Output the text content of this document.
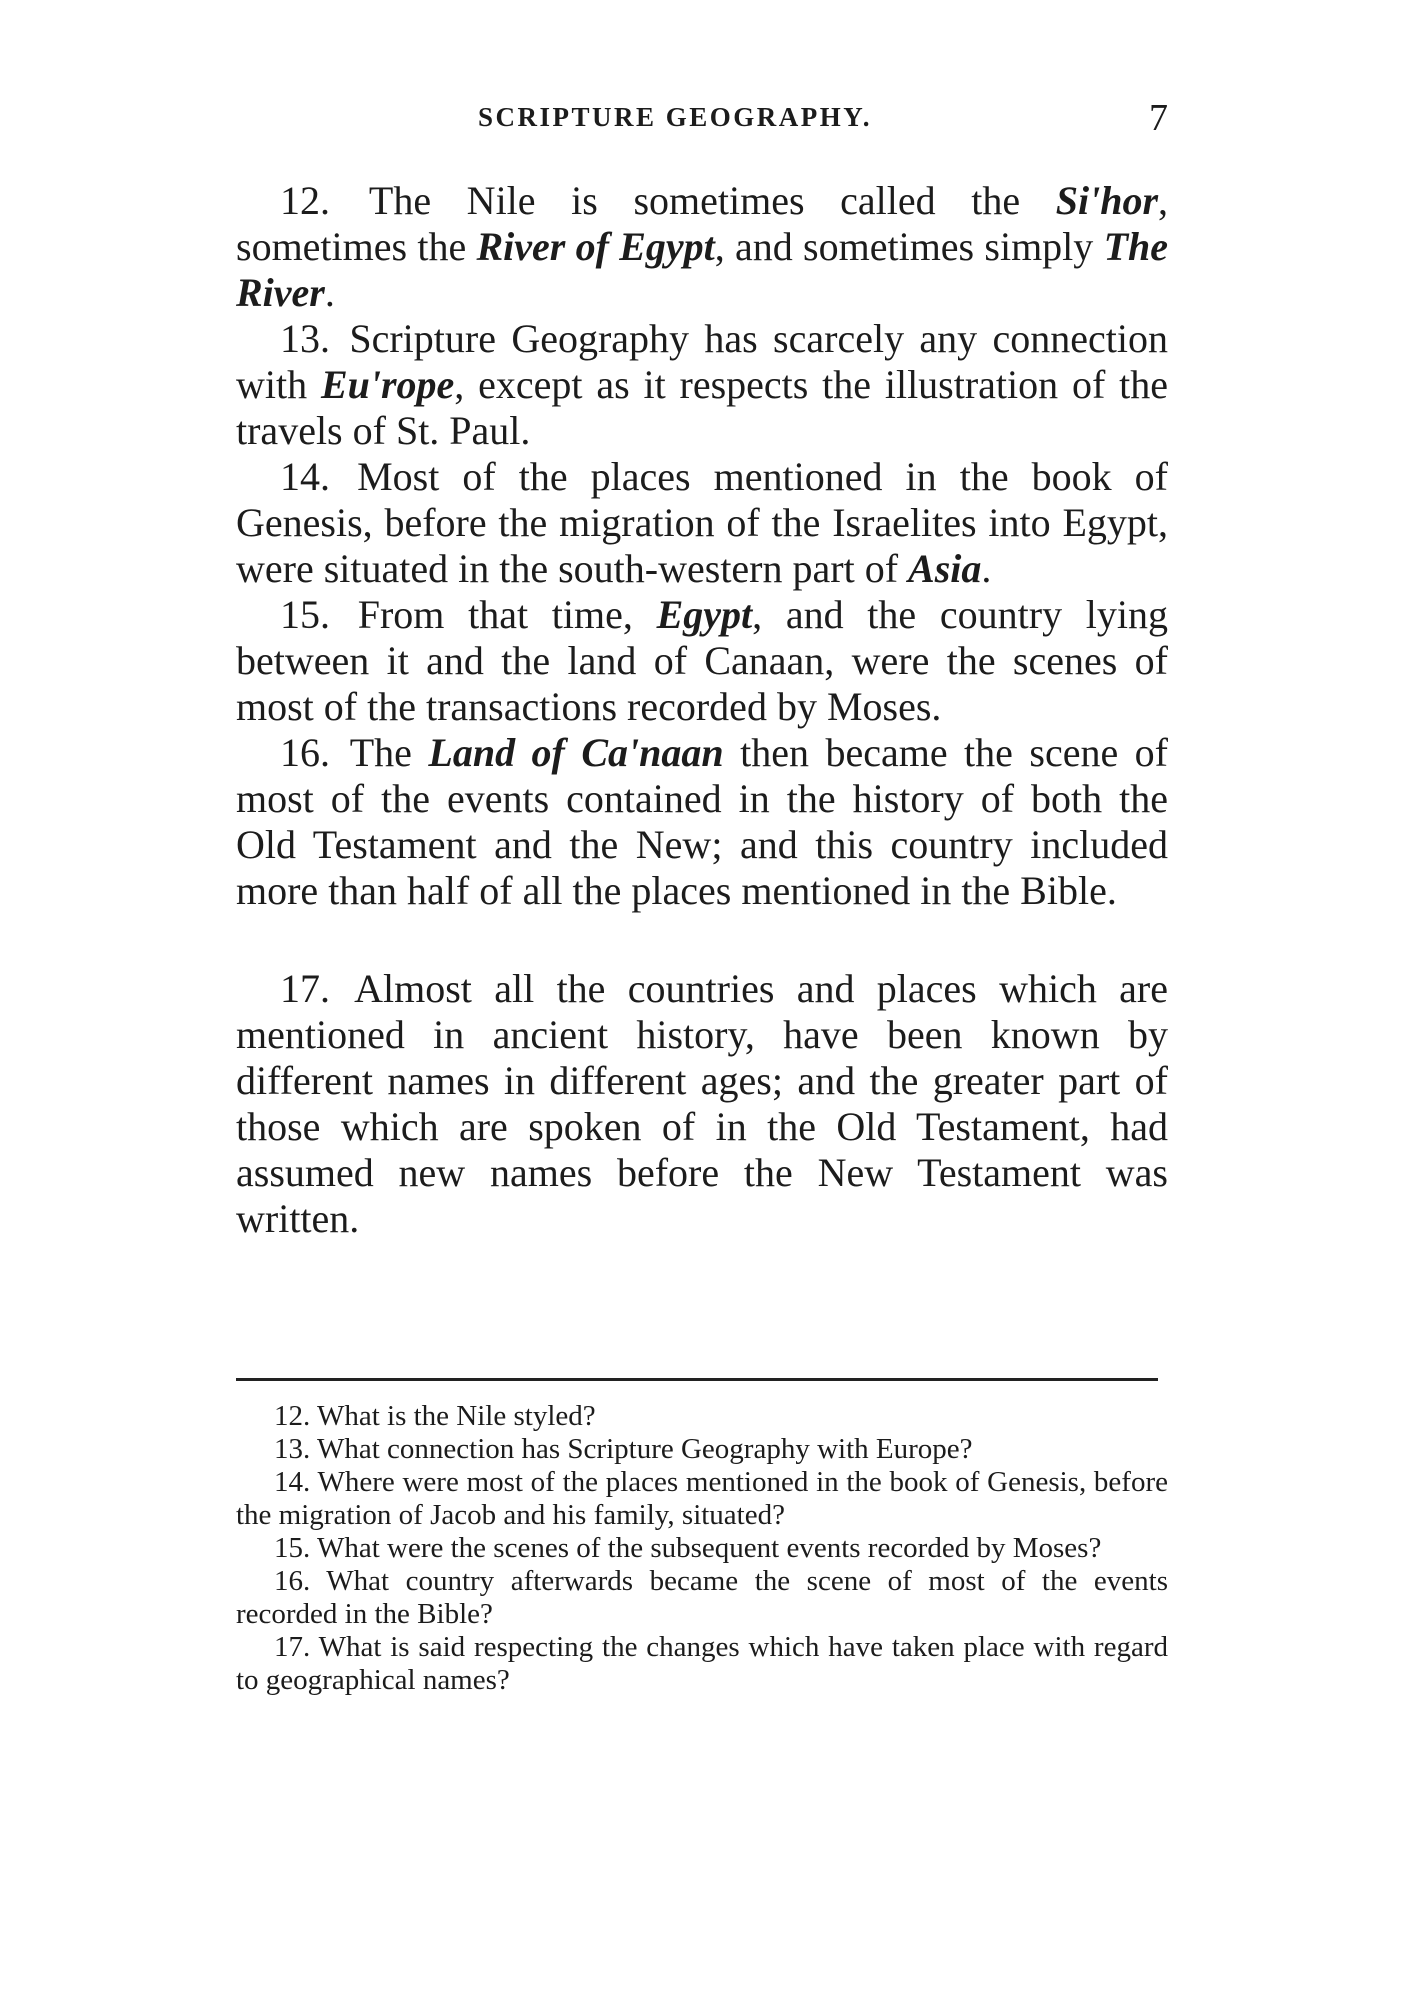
SCRIPTURE GEOGRAPHY.	7

12. The Nile is sometimes called the Si'hor, sometimes the River of Egypt, and sometimes simply The River.

13. Scripture Geography has scarcely any connection with Eu'rope, except as it respects the illustration of the travels of St. Paul.

14. Most of the places mentioned in the book of Genesis, before the migration of the Israelites into Egypt, were situated in the south-western part of Asia.

15. From that time, Egypt, and the country lying between it and the land of Canaan, were the scenes of most of the transactions recorded by Moses.

16. The Land of Ca'naan then became the scene of most of the events contained in the history of both the Old Testament and the New; and this country included more than half of all the places mentioned in the Bible.

17. Almost all the countries and places which are mentioned in ancient history, have been known by different names in different ages; and the greater part of those which are spoken of in the Old Testament, had assumed new names before the New Testament was written.

12. What is the Nile styled?

13. What connection has Scripture Geography with Europe?

14. Where were most of the places mentioned in the book of Genesis, before the migration of Jacob and his family, situated?

15. What were the scenes of the subsequent events recorded by Moses?

16. What country afterwards became the scene of most of the events recorded in the Bible?

17. What is said respecting the changes which have taken place with regard to geographical names?
